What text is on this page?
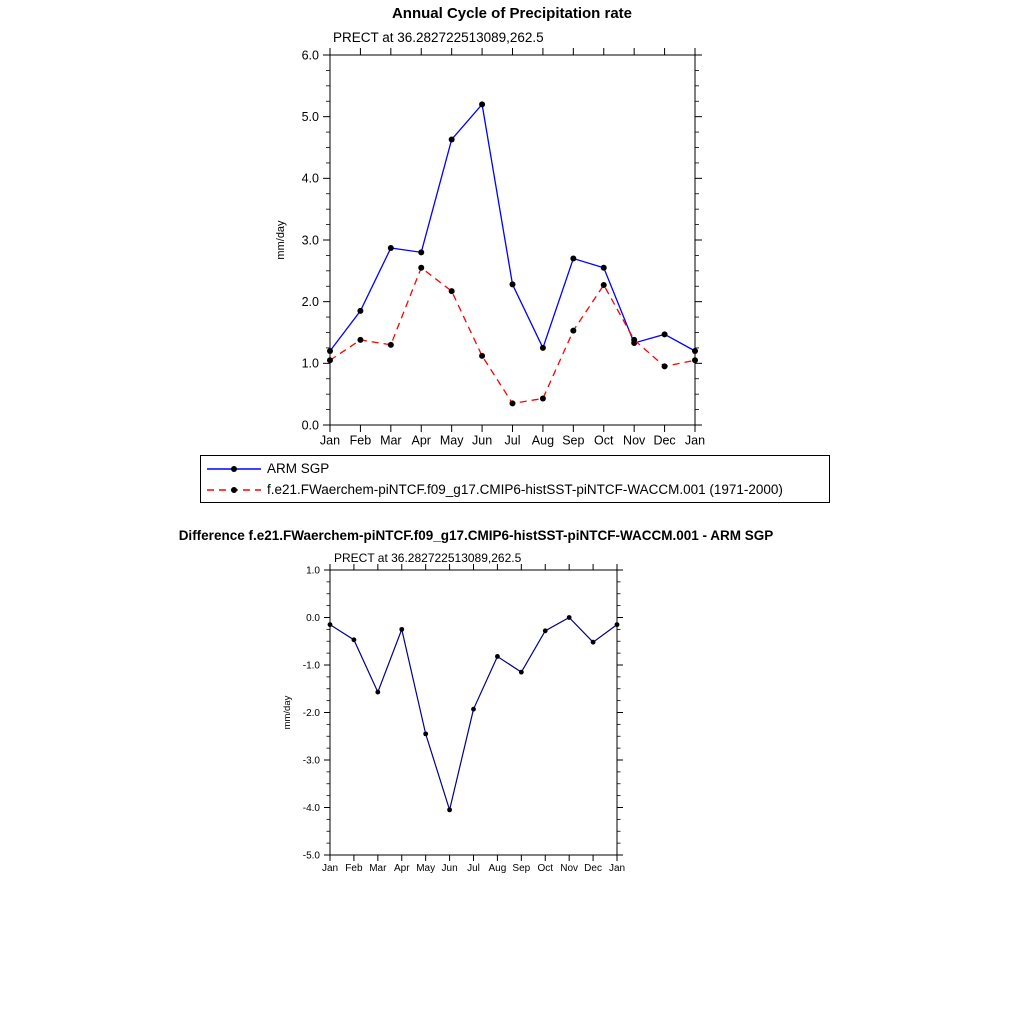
Annual Cycle of Precipitation rate
PRECT at 36.282722513089,262.5
0.0
1.0
2.0
3.0
4.0
5.0
6.0
Jan Feb Mar Apr May Jun Jul Aug Sep Oct Nov Dec Jan
mm/day
ARM SGP
f.e21.FWaerchem-piNTCF.f09_g17.CMIP6-histSST-piNTCF-WACCM.001 (1971-2000)
Difference f.e21.FWaerchem-piNTCF.f09_g17.CMIP6-histSST-piNTCF-WACCM.001 - ARM SGP
PRECT at 36.282722513089,262.5
-5.0
-4.0
-3.0
-2.0
-1.0
0.0
1.0
Jan Feb Mar Apr May Jun Jul Aug Sep Oct Nov Dec Jan
mm/day
